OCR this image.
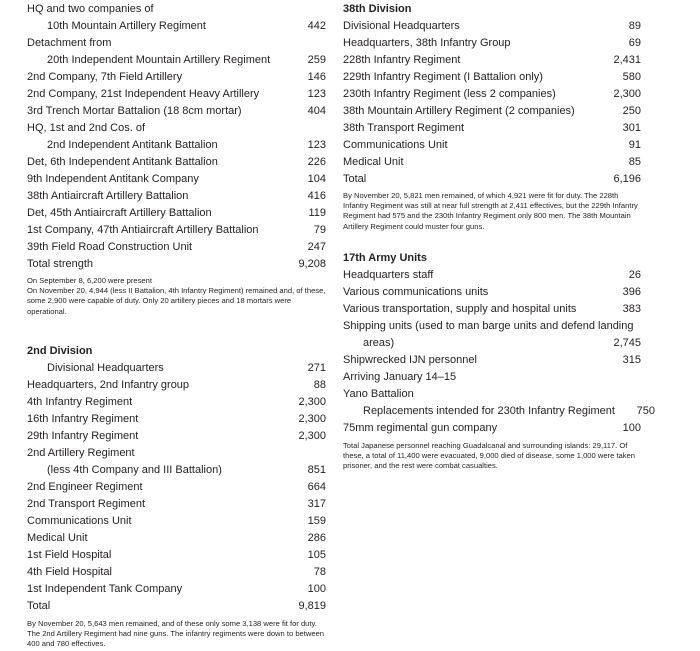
HQ and two companies of
10th Mountain Artillery Regiment	442
Detachment from
20th Independent Mountain Artillery Regiment	259
2nd Company, 7th Field Artillery	146
2nd Company, 21st Independent Heavy Artillery	123
3rd Trench Mortar Battalion (18 8cm mortar)	404
HQ, 1st and 2nd Cos. of
2nd Independent Antitank Battalion	123
Det, 6th Independent Antitank Battalion	226
9th Independent Antitank Company	104
38th Antiaircraft Artillery Battalion	416
Det, 45th Antiaircraft Artillery Battalion	119
1st Company, 47th Antiaircraft Artillery Battalion	79
39th Field Road Construction Unit	247
Total strength	9,208

On September 8, 6,200 were present

On November 20, 4,944 (less II Battalion, 4th Infantry Regiment) remained and, of these, some 2,900 were capable of duty. Only 20 artillery pieces and 18 mortars were operational.

2nd Division
Divisional Headquarters	271
Headquarters, 2nd Infantry group	88
4th Infantry Regiment	2,300
16th Infantry Regiment	2,300
29th Infantry Regiment	2,300
2nd Artillery Regiment
(less 4th Company and III Battalion)	851
2nd Engineer Regiment	664
2nd Transport Regiment	317
Communications Unit	159
Medical Unit	286
1st Field Hospital	105
4th Field Hospital	78
1st Independent Tank Company	100
Total	9,819

By November 20, 5,643 men remained, and of these only some 3,138 were fit for duty. The 2nd Artillery Regiment had nine guns. The infantry regiments were down to between 400 and 780 effectives.

38th Division
Divisional Headquarters	89
Headquarters, 38th Infantry Group	69
228th Infantry Regiment	2,431
229th Infantry Regiment (I Battalion only)	580
230th Infantry Regiment (less 2 companies)	2,300
38th Mountain Artillery Regiment (2 companies)	250
38th Transport Regiment	301
Communications Unit	91
Medical Unit	85
Total	6,196

By November 20, 5,821 men remained, of which 4,921 were fit for duty. The 228th Infantry Regiment was still at near full strength at 2,411 effectives, but the 229th Infantry Regiment had 575 and the 230th Infantry Regiment only 800 men. The 38th Mountain Artillery Regiment could muster four guns.

17th Army Units
Headquarters staff	26
Various communications units	396
Various transportation, supply and hospital units	383
Shipping units (used to man barge units and defend landing
areas)	2,745
Shipwrecked IJN personnel	315
Arriving January 14–15
Yano Battalion
Replacements intended for 230th Infantry Regiment	750
75mm regimental gun company	100

Total Japanese personnel reaching Guadalcanal and surrounding islands: 29,117. Of these, a total of 11,400 were evacuated, 9,000 died of disease, some 1,000 were taken prisoner, and the rest were combat casualties.
